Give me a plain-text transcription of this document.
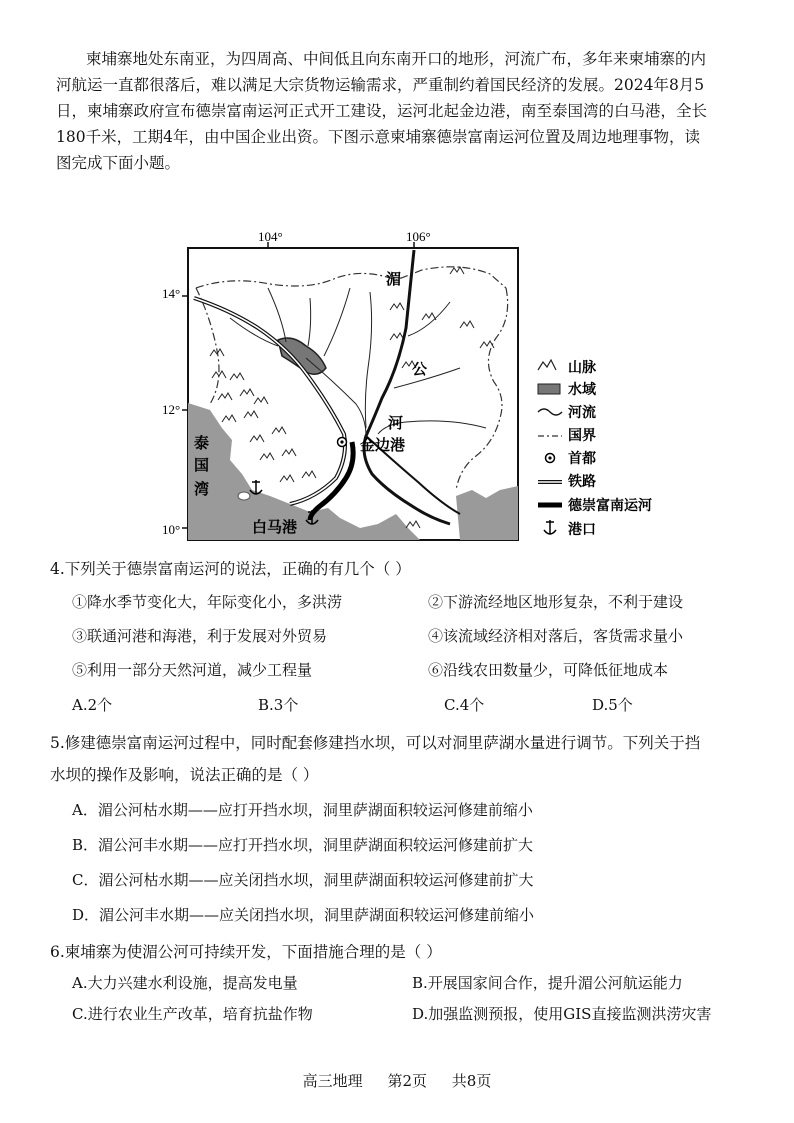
柬埔寨地处东南亚，为四周高、中间低且向东南开口的地形，河流广布，多年来柬埔寨的内
河航运一直都很落后，难以满足大宗货物运输需求，严重制约着国民经济的发展。2024年8月5
日，柬埔寨政府宣布德崇富南运河正式开工建设，运河北起金边港，南至泰国湾的白马港，全长
180千米，工期4年，由中国企业出资。下图示意柬埔寨德崇富南运河位置及周边地理事物，读
图完成下面小题。
104°	106°
14°
12°
10°
湄
公
河
金边港
泰
国
湾
白马港
山脉
水域
河流
国界
首都
铁路
德崇富南运河
港口
4.下列关于德崇富南运河的说法，正确的有几个（ ）
①降水季节变化大，年际变化小，多洪涝	②下游流经地区地形复杂，不利于建设
③联通河港和海港，利于发展对外贸易	④该流域经济相对落后，客货需求量小
⑤利用一部分天然河道，减少工程量	⑥沿线农田数量少，可降低征地成本
A.2个	B.3个	C.4个	D.5个
5.修建德崇富南运河过程中，同时配套修建挡水坝，可以对洞里萨湖水量进行调节。下列关于挡
水坝的操作及影响，说法正确的是（ ）
A．湄公河枯水期——应打开挡水坝，洞里萨湖面积较运河修建前缩小
B．湄公河丰水期——应打开挡水坝，洞里萨湖面积较运河修建前扩大
C．湄公河枯水期——应关闭挡水坝，洞里萨湖面积较运河修建前扩大
D．湄公河丰水期——应关闭挡水坝，洞里萨湖面积较运河修建前缩小
6.柬埔寨为使湄公河可持续开发，下面措施合理的是（ ）
A.大力兴建水利设施，提高发电量	B.开展国家间合作，提升湄公河航运能力
C.进行农业生产改革，培育抗盐作物	D.加强监测预报，使用GIS直接监测洪涝灾害
高三地理 第2页 共8页
